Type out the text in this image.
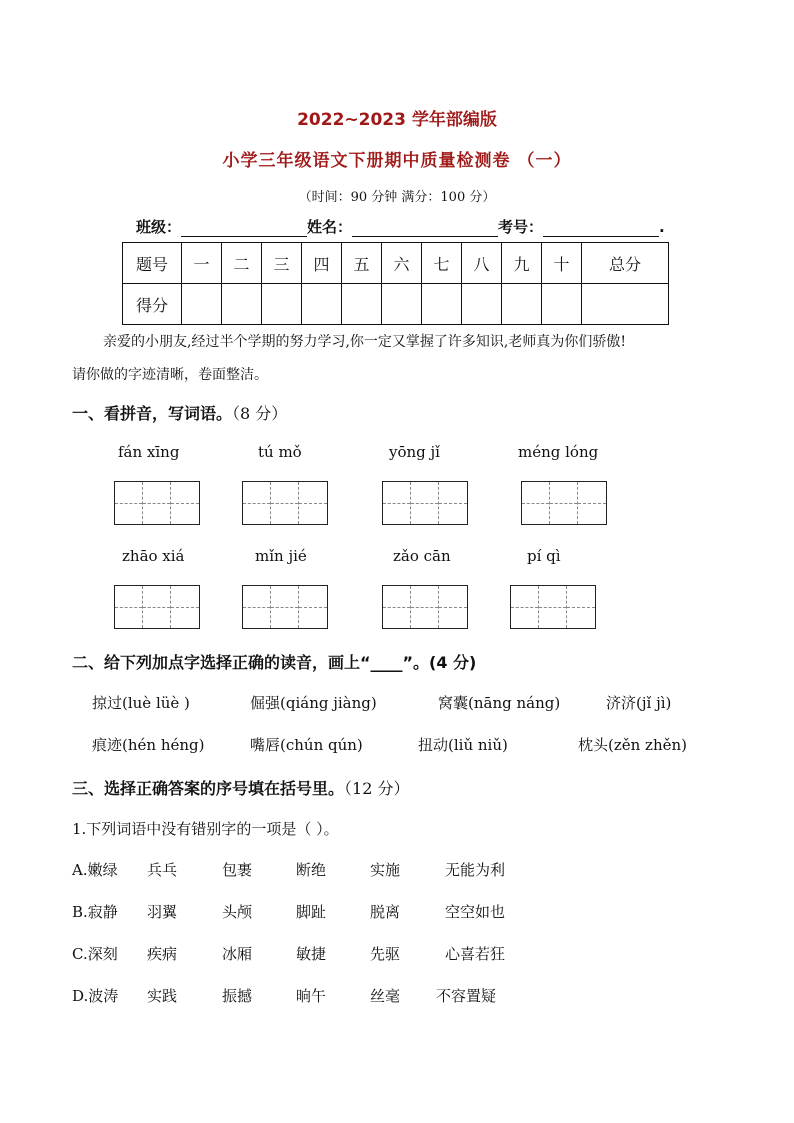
2022~2023 学年部编版
小学三年级语文下册期中质量检测卷 （一）
（时间：90 分钟 满分：100 分）
班级：	姓名：	考号：	.
题号	一	二	三	四	五	六	七	八	九	十	总分
得分											
亲爱的小朋友,经过半个学期的努力学习,你一定又掌握了许多知识,老师真为你们骄傲!
请你做的字迹清晰，卷面整洁。
一、看拼音，写词语。（8 分）
fán xīng	tú mǒ	yōng jǐ	méng lóng
zhāo xiá	mǐn jié	zǎo cān	pí qì
二、给下列加点字选择正确的读音，画上“____”。(4 分)
掠过(luè lüè )	倔强(qiáng jiàng)	窝囊(nāng náng)	济济(jǐ jì)
痕迹(hén héng)	嘴唇(chún qún)	扭动(liǔ niǔ)	枕头(zěn zhěn)
三、选择正确答案的序号填在括号里。（12 分）
1.下列词语中没有错别字的一项是（ ）。
A.嫩绿 兵乓	包裹	断绝	实施	无能为利
B.寂静 羽翼	头颅	脚趾	脱离	空空如也
C.深刻 疾病	冰厢	敏捷	先驱	心喜若狂
D.波涛 实践	振撼	晌午	丝毫 不容置疑
